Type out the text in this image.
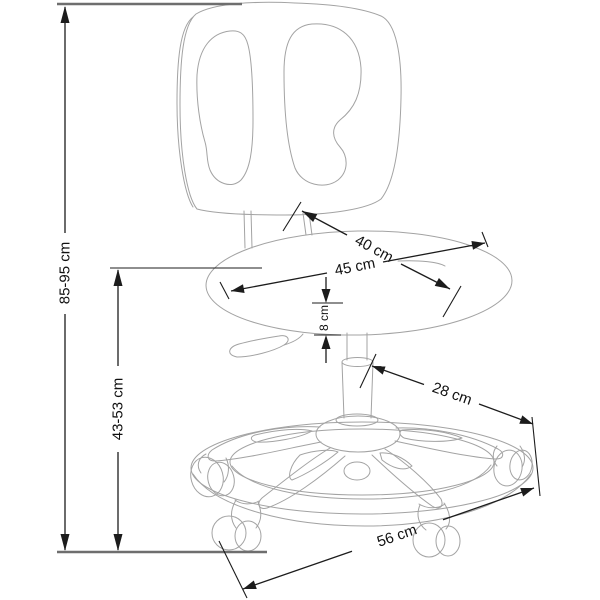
85-95 cm
43-53 cm
40 cm
45 cm
8 cm
28 cm
56 cm
